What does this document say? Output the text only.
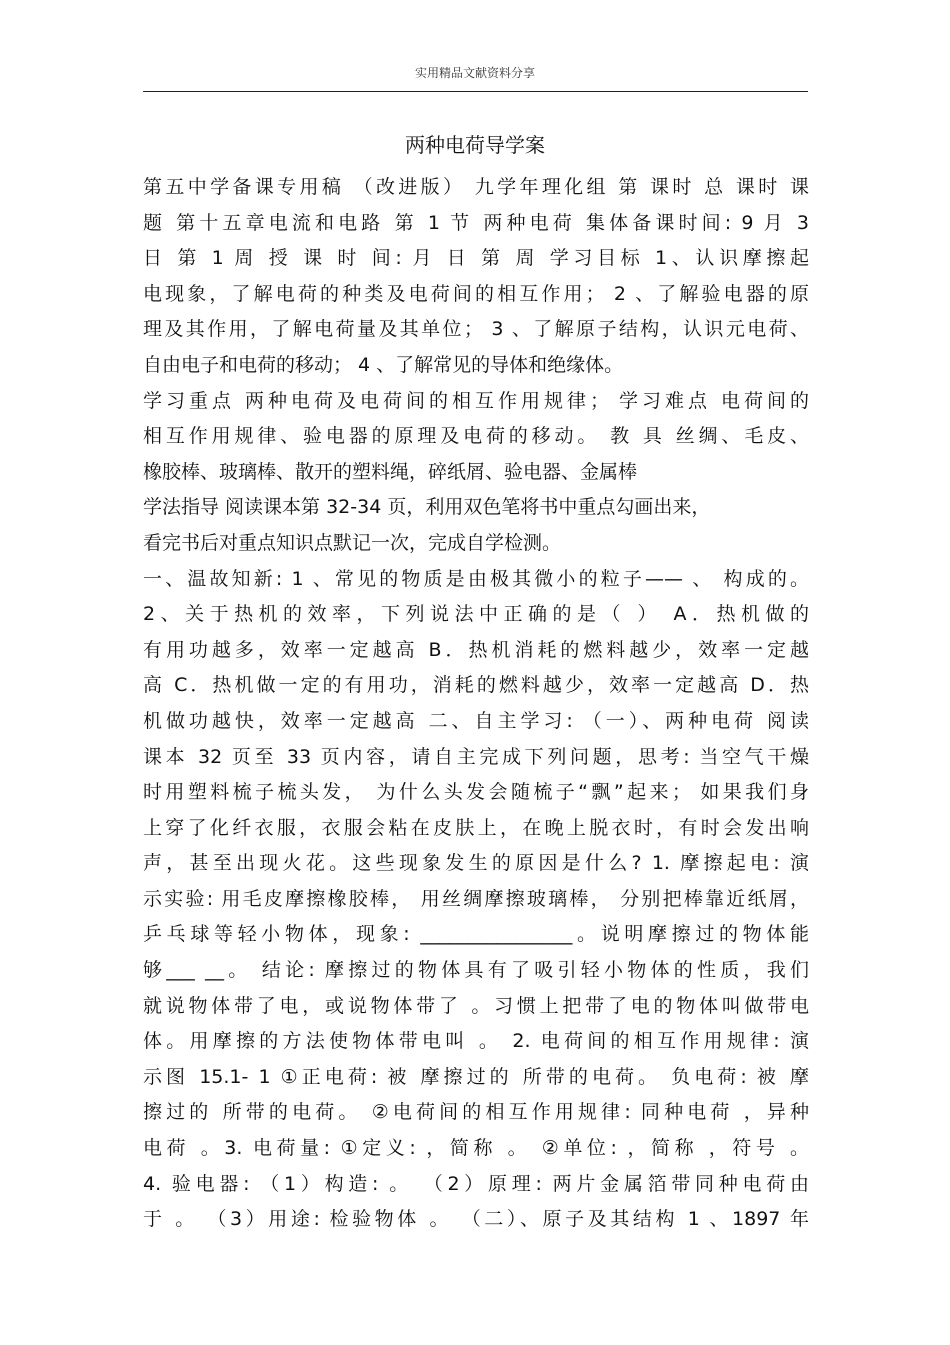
实用精品文献资料分享
两种电荷导学案
第五中学备课专用稿 （改进版） 九学年理化组 第 课时 总 课时 课
题 第十五章电流和电路 第 1 节 两种电荷 集体备课时间: 9 月 3
日 第 1 周 授 课 时 间: 月 日 第 周 学习目标 1、认识摩擦起
电现象，了解电荷的种类及电荷间的相互作用； 2 、了解验电器的原
理及其作用，了解电荷量及其单位； 3 、了解原子结构，认识元电荷、
自由电子和电荷的移动； 4 、了解常见的导体和绝缘体。
学习重点 两种电荷及电荷间的相互作用规律； 学习难点 电荷间的
相互作用规律、验电器的原理及电荷的移动。 教 具 丝绸、毛皮、
橡胶棒、玻璃棒、散开的塑料绳，碎纸屑、验电器、金属棒
学法指导 阅读课本第 32-34 页，利用双色笔将书中重点勾画出来，
看完书后对重点知识点默记一次，完成自学检测。
一、温故知新: 1 、常见的物质是由极其微小的粒子—— 、 构成的。
2、关于热机的效率，下列说法中正确的是（ ） A．热机做的
有用功越多，效率一定越高 B．热机消耗的燃料越少，效率一定越
高 C．热机做一定的有用功，消耗的燃料越少，效率一定越高 D．热
机做功越快，效率一定越高 二、自主学习: （一）、两种电荷 阅读
课本 32 页至 33 页内容，请自主完成下列问题，思考: 当空气干燥
时用塑料梳子梳头发， 为什么头发会随梳子“飘”起来； 如果我们身
上穿了化纤衣服，衣服会粘在皮肤上，在晚上脱衣时，有时会发出响
声，甚至出现火花。这些现象发生的原因是什么? 1. 摩擦起电: 演
示实验: 用毛皮摩擦橡胶棒， 用丝绸摩擦玻璃棒， 分别把棒靠近纸屑，
乒乓球等轻小物体，现象: ________________。说明摩擦过的物体能
够___ __。 结论: 摩擦过的物体具有了吸引轻小物体的性质，我们
就说物体带了电，或说物体带了 。习惯上把带了电的物体叫做带电
体。用摩擦的方法使物体带电叫 。 2. 电荷间的相互作用规律: 演
示图 15.1- 1 ①正电荷: 被 摩擦过的 所带的电荷。 负电荷: 被 摩
擦过的 所带的电荷。 ②电荷间的相互作用规律: 同种电荷 ，异种
电荷 。3. 电荷量: ①定义: ，简称 。 ②单位: ，简称 ，符号 。
4. 验电器: （1）构造: 。 （2）原理: 两片金属箔带同种电荷由
于 。 （3）用途: 检验物体 。 （二）、原子及其结构 1 、1897 年
